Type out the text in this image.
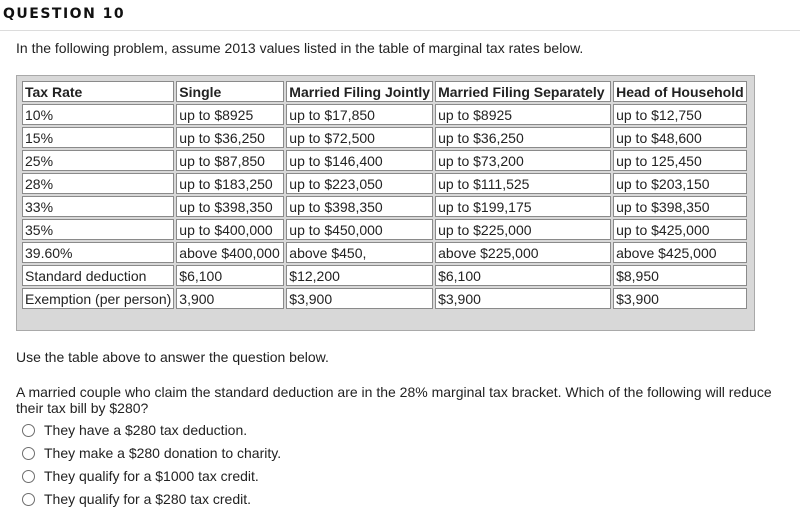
QUESTION 10
In the following problem, assume 2013 values listed in the table of marginal tax rates below.
Tax Rate	Single	Married Filing Jointly	Married Filing Separately	Head of Household
10%	up to $8925	up to $17,850	up to $8925	up to $12,750
15%	up to $36,250	up to $72,500	up to $36,250	up to $48,600
25%	up to $87,850	up to $146,400	up to $73,200	up to 125,450
28%	up to $183,250	up to $223,050	up to $111,525	up to $203,150
33%	up to $398,350	up to $398,350	up to $199,175	up to $398,350
35%	up to $400,000	up to $450,000	up to $225,000	up to $425,000
39.60%	above $400,000	above $450,	above $225,000	above $425,000
Standard deduction	$6,100	$12,200	$6,100	$8,950
Exemption (per person)	3,900	$3,900	$3,900	$3,900
Use the table above to answer the question below.
A married couple who claim the standard deduction are in the 28% marginal tax bracket. Which of the following will reduce their tax bill by $280?
They have a $280 tax deduction.
They make a $280 donation to charity.
They qualify for a $1000 tax credit.
They qualify for a $280 tax credit.
